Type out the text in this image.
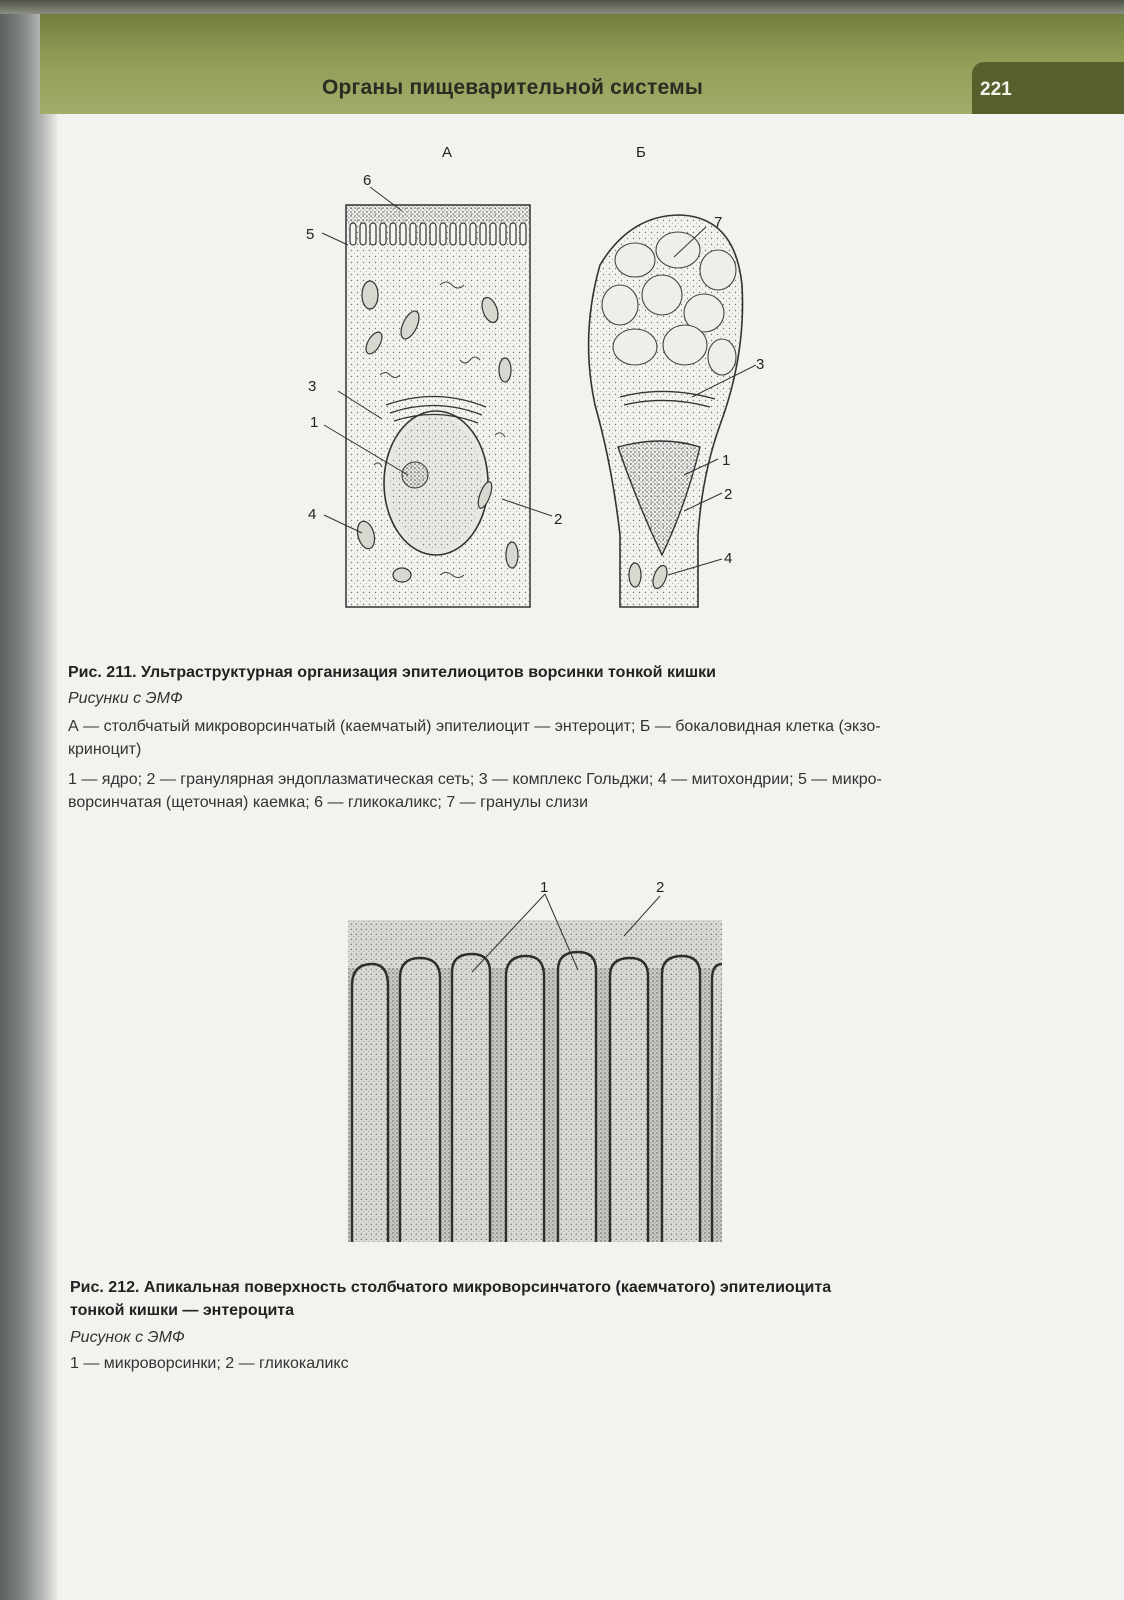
Органы пищеварительной системы	221
А	Б
6
5
3
1
4	2
7
3
1
2
4
Рис. 211. Ультраструктурная организация эпителиоцитов ворсинки тонкой кишки
Рисунки с ЭМФ
А — столбчатый микроворсинчатый (каемчатый) эпителиоцит — энтероцит; Б — бокаловидная клетка (экзо-
криноцит)
1 — ядро; 2 — гранулярная эндоплазматическая сеть; 3 — комплекс Гольджи; 4 — митохондрии; 5 — микро-
ворсинчатая (щеточная) каемка; 6 — гликокаликс; 7 — гранулы слизи
1	2
Рис. 212. Апикальная поверхность столбчатого микроворсинчатого (каемчатого) эпителиоцита
тонкой кишки — энтероцита
Рисунок с ЭМФ
1 — микроворсинки; 2 — гликокаликс
